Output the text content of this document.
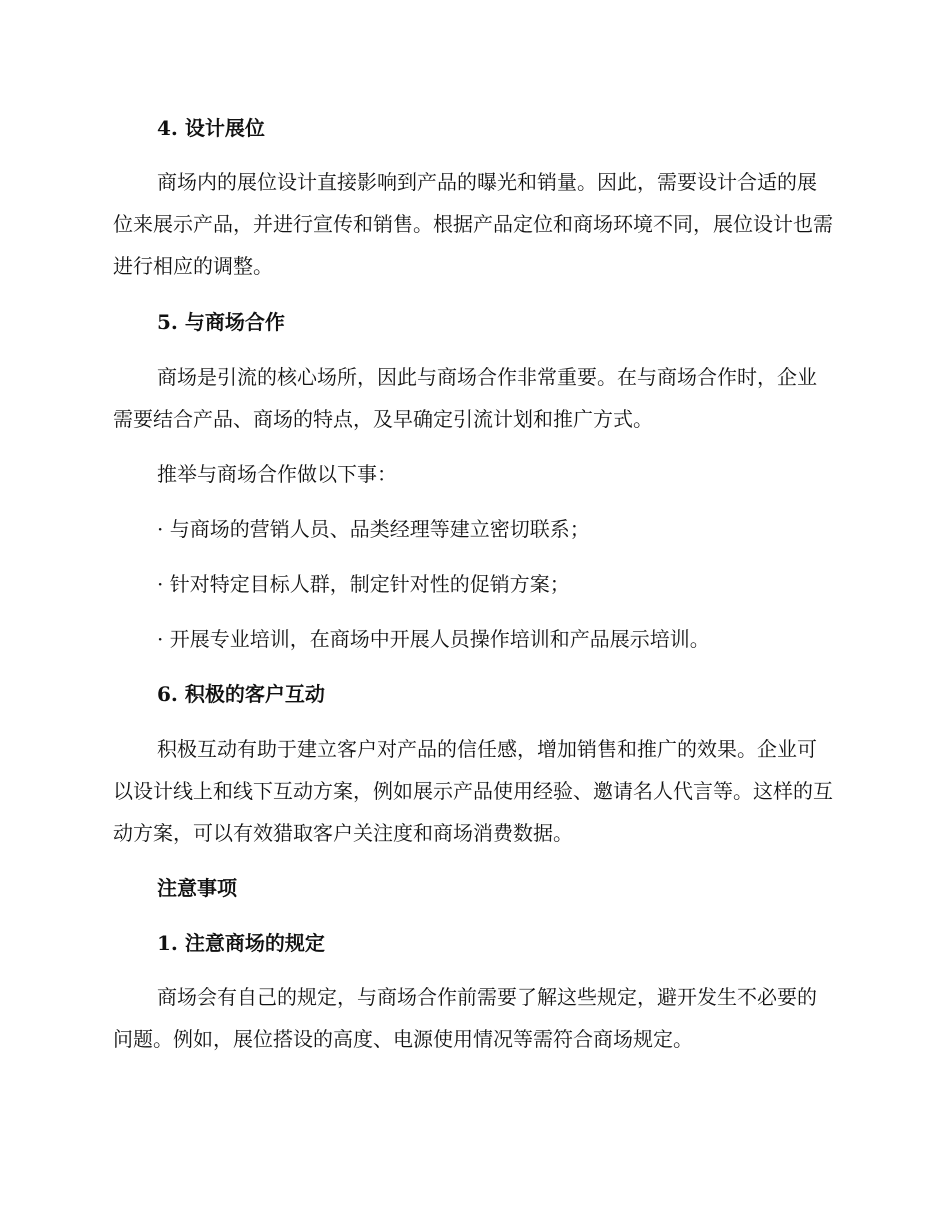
4. 设计展位

商场内的展位设计直接影响到产品的曝光和销量。因此，需要设计合适的展位来展示产品，并进行宣传和销售。根据产品定位和商场环境不同，展位设计也需进行相应的调整。

5. 与商场合作

商场是引流的核心场所，因此与商场合作非常重要。在与商场合作时，企业需要结合产品、商场的特点，及早确定引流计划和推广方式。

推举与商场合作做以下事：
· 与商场的营销人员、品类经理等建立密切联系；
· 针对特定目标人群，制定针对性的促销方案；
· 开展专业培训，在商场中开展人员操作培训和产品展示培训。
6. 积极的客户互动

积极互动有助于建立客户对产品的信任感，增加销售和推广的效果。企业可以设计线上和线下互动方案，例如展示产品使用经验、邀请名人代言等。这样的互动方案，可以有效猎取客户关注度和商场消费数据。

注意事项
1. 注意商场的规定

商场会有自己的规定，与商场合作前需要了解这些规定，避开发生不必要的问题。例如，展位搭设的高度、电源使用情况等需符合商场规定。
